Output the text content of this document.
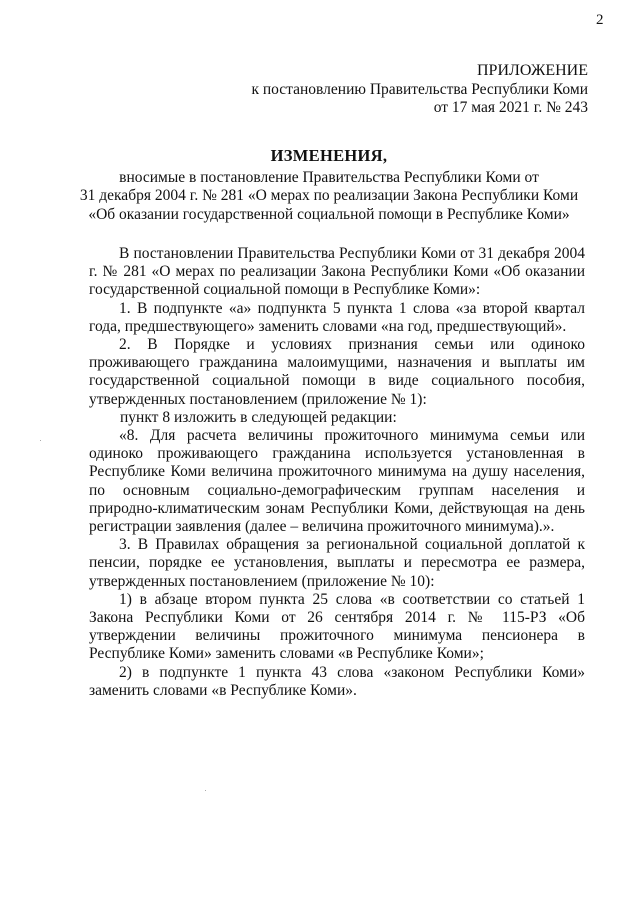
2
ПРИЛОЖЕНИЕ
к постановлению Правительства Республики Коми
от 17 мая 2021 г. № 243
ИЗМЕНЕНИЯ,
вносимые в постановление Правительства Республики Коми от
31 декабря 2004 г. № 281 «О мерах по реализации Закона Республики Коми
«Об оказании государственной социальной помощи в Республике Коми»

В постановлении Правительства Республики Коми от 31 декабря 2004 г. № 281 «О мерах по реализации Закона Республики Коми «Об оказании государственной социальной помощи в Республике Коми»:

1. В подпункте «а» подпункта 5 пункта 1 слова «за второй квартал года, предшествующего» заменить словами «на год, предшествующий».

2. В Порядке и условиях признания семьи или одиноко проживающего гражданина малоимущими, назначения и выплаты им государственной социальной помощи в виде социального пособия, утвержденных постановлением (приложение № 1):

пункт 8 изложить в следующей редакции:

«8. Для расчета величины прожиточного минимума семьи или одиноко проживающего гражданина используется установленная в Республике Коми величина прожиточного минимума на душу населения, по основным социально-демографическим группам населения и природно-климатическим зонам Республики Коми, действующая на день регистрации заявления (далее – величина прожиточного минимума).».

3. В Правилах обращения за региональной социальной доплатой к пенсии, порядке ее установления, выплаты и пересмотра ее размера, утвержденных постановлением (приложение № 10):

1) в абзаце втором пункта 25 слова «в соответствии со статьей 1 Закона Республики Коми от 26 сентября 2014 г. № 115-РЗ «Об утверждении величины прожиточного минимума пенсионера в Республике Коми» заменить словами «в Республике Коми»;

2) в подпункте 1 пункта 43 слова «законом Республики Коми» заменить словами «в Республике Коми».
